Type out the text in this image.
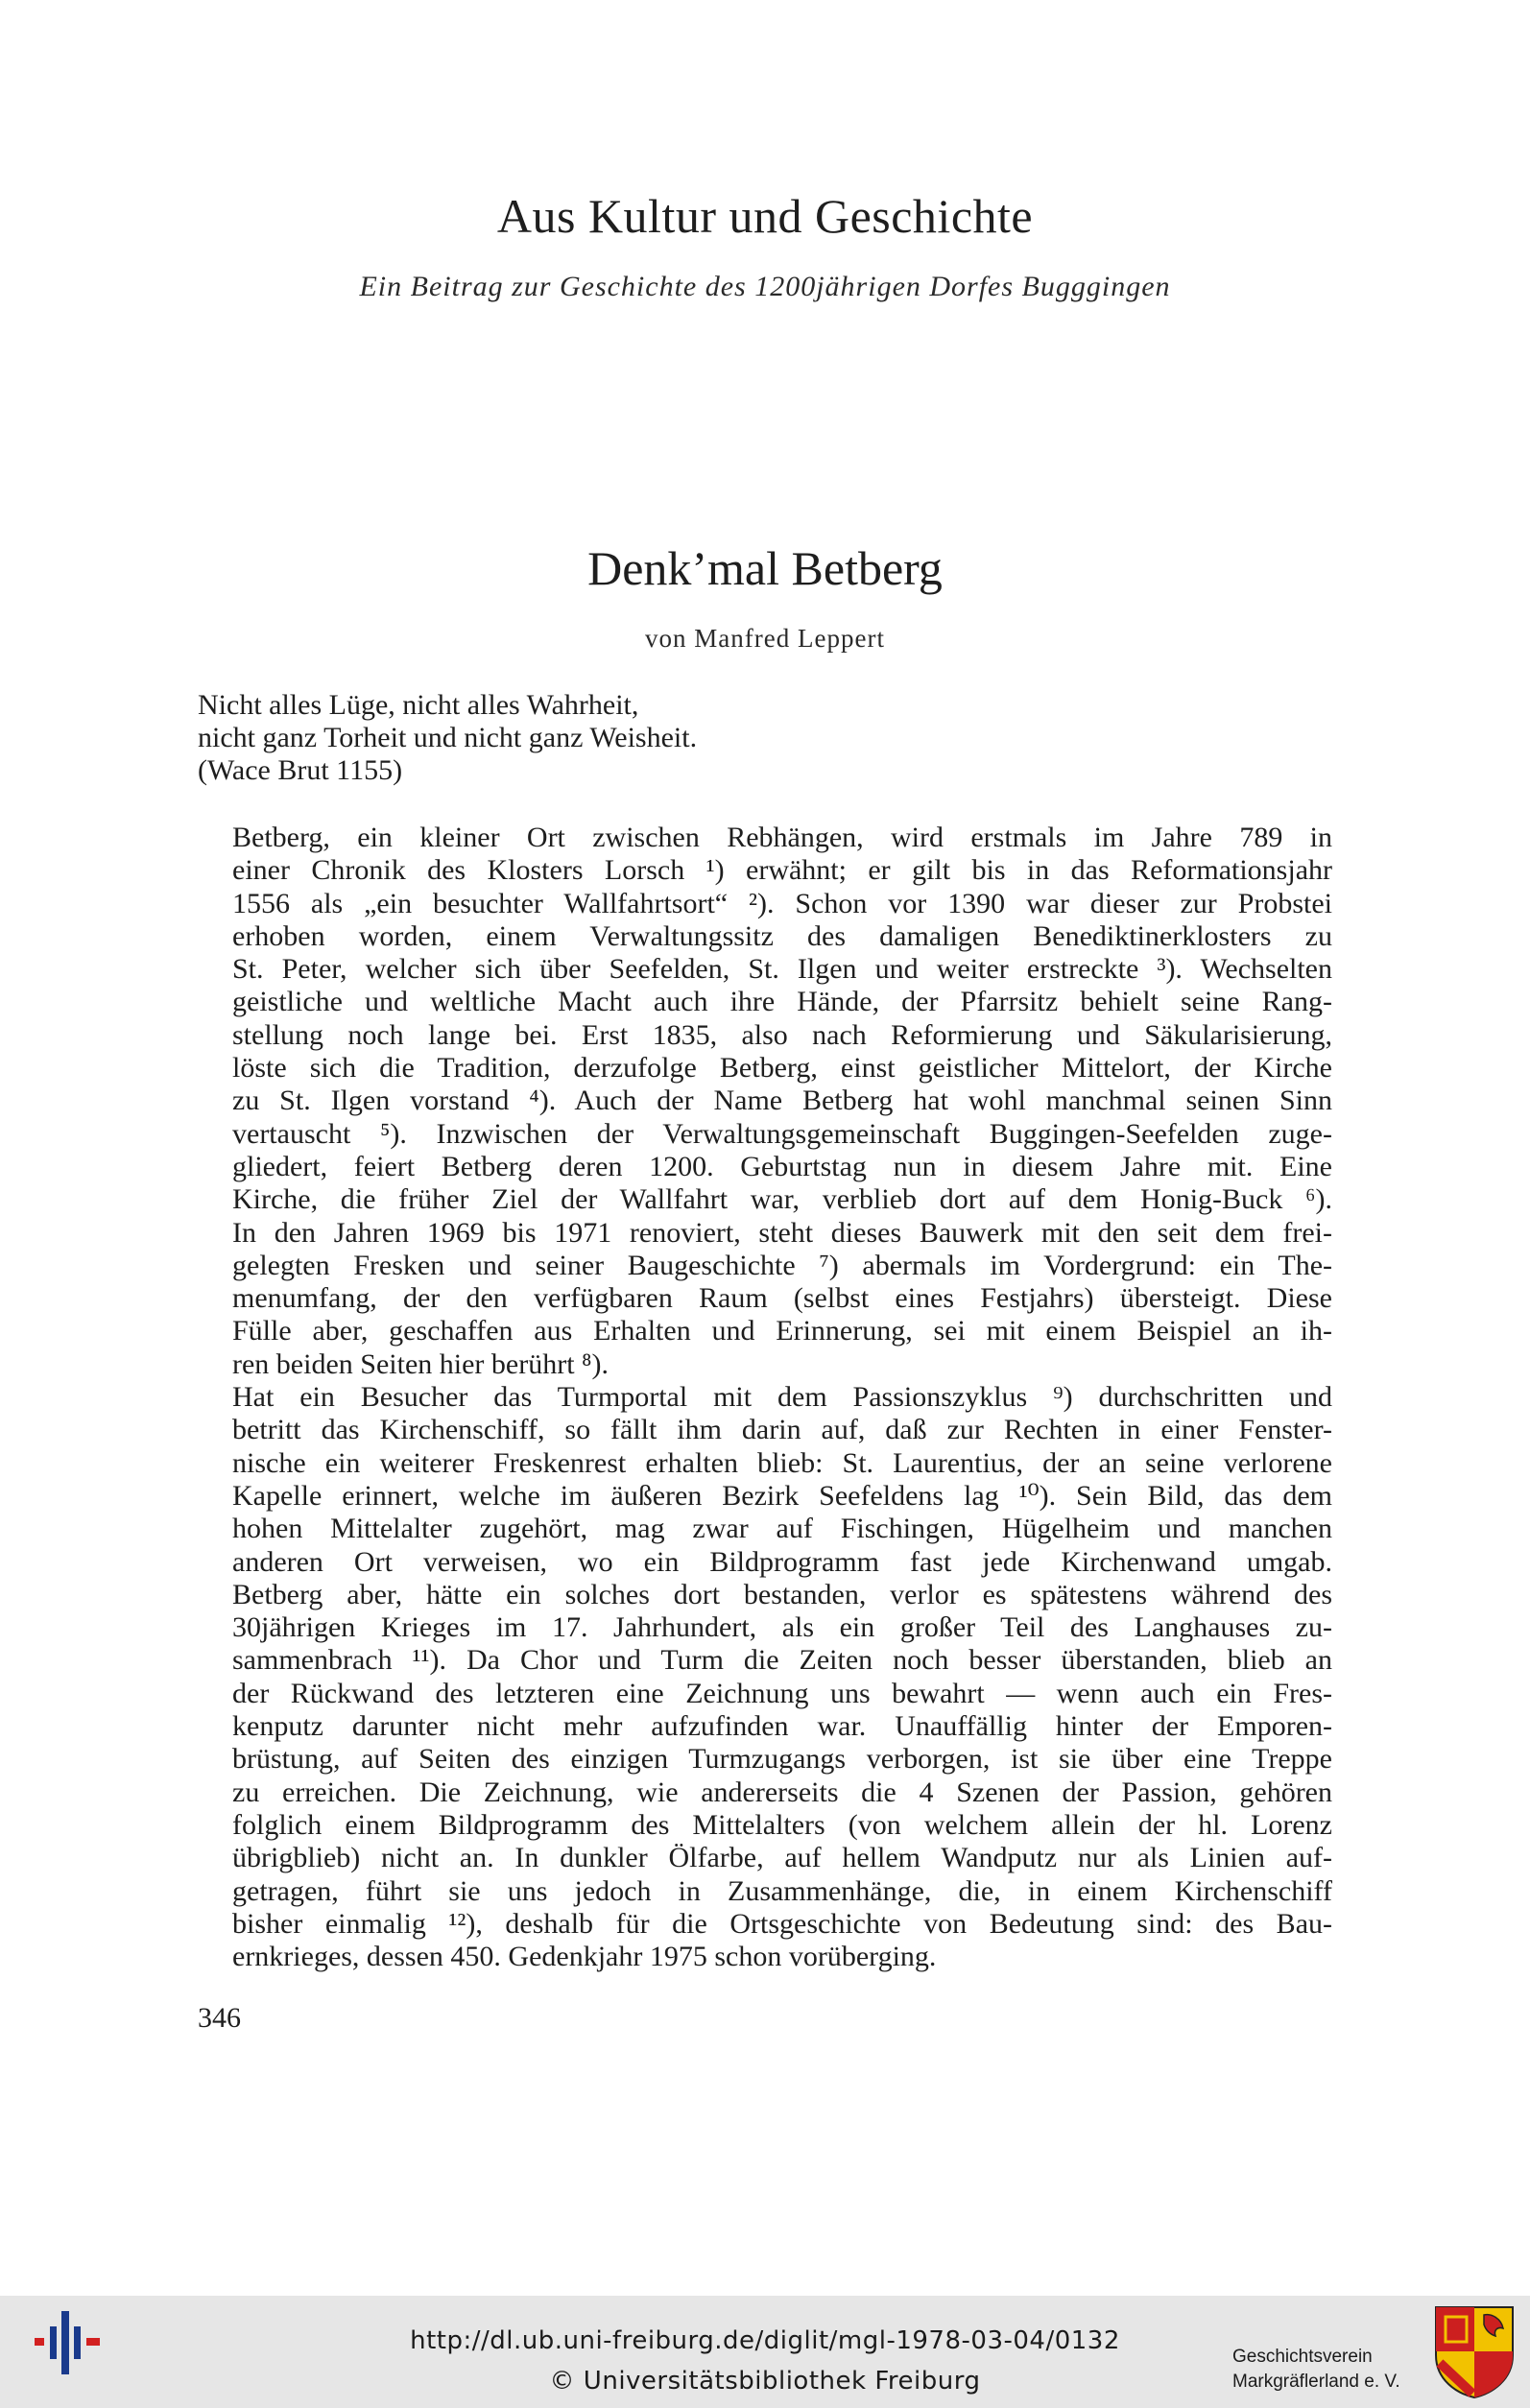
Aus Kultur und Geschichte
Ein Beitrag zur Geschichte des 1200jährigen Dorfes Bugggingen
Denk’mal Betberg
von Manfred Leppert
Nicht alles Lüge, nicht alles Wahrheit,
nicht ganz Torheit und nicht ganz Weisheit.
(Wace Brut 1155)
Betberg, ein kleiner Ort zwischen Rebhängen, wird erstmals im Jahre 789 in
einer Chronik des Klosters Lorsch ¹) erwähnt; er gilt bis in das Reformationsjahr
1556 als „ein besuchter Wallfahrtsort“ ²). Schon vor 1390 war dieser zur Probstei
erhoben worden, einem Verwaltungssitz des damaligen Benediktinerklosters zu
St. Peter, welcher sich über Seefelden, St. Ilgen und weiter erstreckte ³). Wechselten
geistliche und weltliche Macht auch ihre Hände, der Pfarrsitz behielt seine Rang-
stellung noch lange bei. Erst 1835, also nach Reformierung und Säkularisierung,
löste sich die Tradition, derzufolge Betberg, einst geistlicher Mittelort, der Kirche
zu St. Ilgen vorstand ⁴). Auch der Name Betberg hat wohl manchmal seinen Sinn
vertauscht ⁵). Inzwischen der Verwaltungsgemeinschaft Buggingen-Seefelden zuge-
gliedert, feiert Betberg deren 1200. Geburtstag nun in diesem Jahre mit. Eine
Kirche, die früher Ziel der Wallfahrt war, verblieb dort auf dem Honig-Buck ⁶).
In den Jahren 1969 bis 1971 renoviert, steht dieses Bauwerk mit den seit dem frei-
gelegten Fresken und seiner Baugeschichte ⁷) abermals im Vordergrund: ein The-
menumfang, der den verfügbaren Raum (selbst eines Festjahrs) übersteigt. Diese
Fülle aber, geschaffen aus Erhalten und Erinnerung, sei mit einem Beispiel an ih-
ren beiden Seiten hier berührt ⁸).
Hat ein Besucher das Turmportal mit dem Passionszyklus ⁹) durchschritten und
betritt das Kirchenschiff, so fällt ihm darin auf, daß zur Rechten in einer Fenster-
nische ein weiterer Freskenrest erhalten blieb: St. Laurentius, der an seine verlorene
Kapelle erinnert, welche im äußeren Bezirk Seefeldens lag ¹⁰). Sein Bild, das dem
hohen Mittelalter zugehört, mag zwar auf Fischingen, Hügelheim und manchen
anderen Ort verweisen, wo ein Bildprogramm fast jede Kirchenwand umgab.
Betberg aber, hätte ein solches dort bestanden, verlor es spätestens während des
30jährigen Krieges im 17. Jahrhundert, als ein großer Teil des Langhauses zu-
sammenbrach ¹¹). Da Chor und Turm die Zeiten noch besser überstanden, blieb an
der Rückwand des letzteren eine Zeichnung uns bewahrt — wenn auch ein Fres-
kenputz darunter nicht mehr aufzufinden war. Unauffällig hinter der Emporen-
brüstung, auf Seiten des einzigen Turmzugangs verborgen, ist sie über eine Treppe
zu erreichen. Die Zeichnung, wie andererseits die 4 Szenen der Passion, gehören
folglich einem Bildprogramm des Mittelalters (von welchem allein der hl. Lorenz
übrigblieb) nicht an. In dunkler Ölfarbe, auf hellem Wandputz nur als Linien auf-
getragen, führt sie uns jedoch in Zusammenhänge, die, in einem Kirchenschiff
bisher einmalig ¹²), deshalb für die Ortsgeschichte von Bedeutung sind: des Bau-
ernkrieges, dessen 450. Gedenkjahr 1975 schon vorüberging.
346
http://dl.ub.uni-freiburg.de/diglit/mgl-1978-03-04/0132
© Universitätsbibliothek Freiburg
Geschichtsverein
Markgräflerland e. V.
